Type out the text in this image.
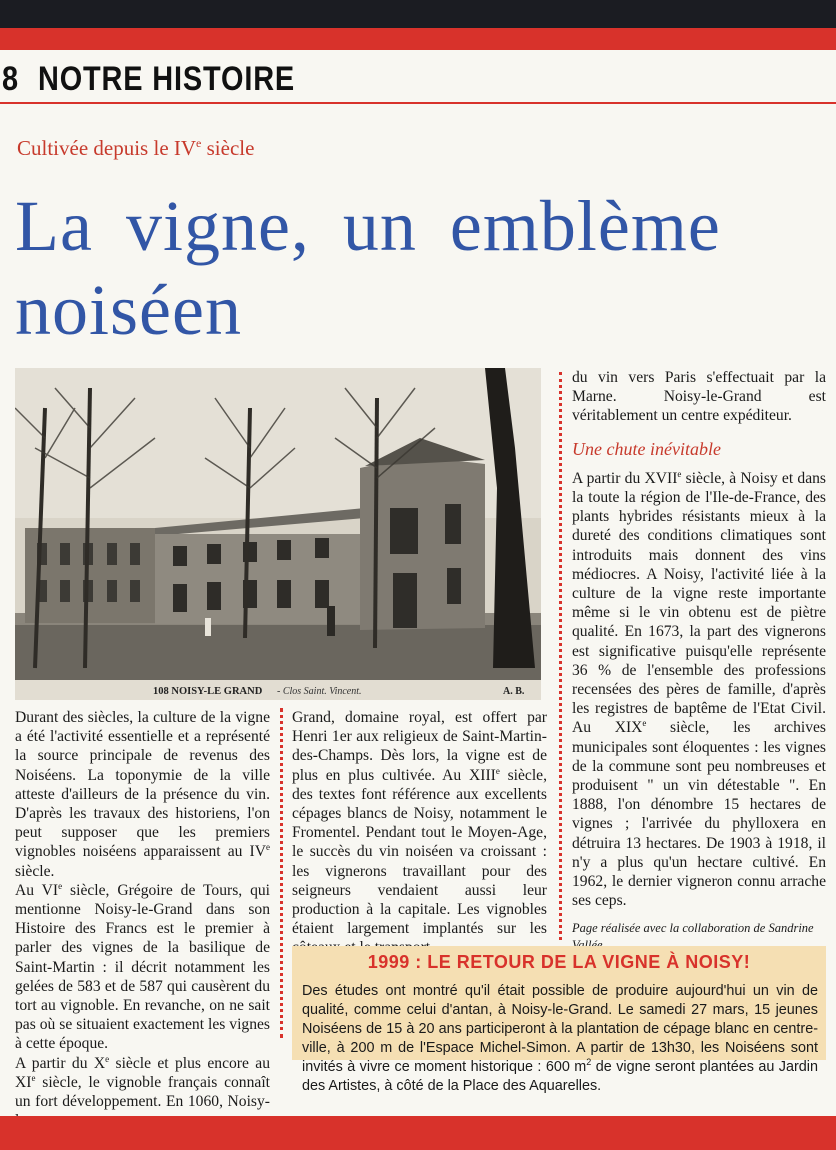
8 NOTRE HISTOIRE
Cultivée depuis le IVe siècle
La vigne, un emblème noiséen
108 NOISY-LE GRAND - Clos Saint. Vincent.	A. B.

Durant des siècles, la culture de la vigne a été l'activité essentielle et a représenté la source principale de revenus des Noiséens. La toponymie de la ville atteste d'ailleurs de la présence du vin. D'après les travaux des historiens, l'on peut supposer que les premiers vignobles noiséens apparaissent au IVe siècle.

Au VIe siècle, Grégoire de Tours, qui mentionne Noisy-le-Grand dans son Histoire des Francs est le premier à parler des vignes de la basilique de Saint-Martin : il décrit notamment les gelées de 583 et de 587 qui causèrent du tort au vignoble. En revanche, on ne sait pas où se situaient exactement les vignes à cette époque.

A partir du Xe siècle et plus encore au XIe siècle, le vignoble français connaît un fort développement. En 1060, Noisy-

Grand, domaine royal, est offert par Henri 1er aux religieux de Saint-Martin-des-Champs. Dès lors, la vigne est de plus en plus cultivée. Au XIIIe siècle, des textes font référence aux excellents cépages blancs de Noisy, notamment le Fromentel. Pendant tout le Moyen-Age, le succès du vin noiséen va croissant : les vignerons travaillant pour des seigneurs vendaient aussi leur production à la capitale. Les vignobles étaient largement implantés sur les

du vin vers Paris s'effectuait par la Marne. Noisy-le-Grand est véritablement un centre expéditeur.

Une chute inévitable

A partir du XVIIe siècle, à Noisy et dans la toute la région de l'Ile-de-France, des plants hybrides résistants mieux à la dureté des conditions climatiques sont introduits mais donnent des vins médiocres. A Noisy, l'activité liée à la culture de la vigne reste importante même si le vin obtenu est de piètre qualité. En 1673, la part des vignerons est significative puisqu'elle représente 36 % de l'ensemble des professions recensées des pères de famille, d'après les registres de baptême de l'Etat Civil. Au XIXe siècle, les archives municipales sont éloquentes : les vignes de la commune sont peu nombreuses et produisent " un vin détestable ". En 1888, l'on dénombre 15 hectares de vignes ; l'arrivée du phylloxera en détruira 13 hectares. De 1903 à 1918, il n'y a plus qu'un hectare cultivé. En 1962, le dernier vigneron connu arrache ses ceps.

Page réalisée avec la collaboration de Sandrine

1999 : LE RETOUR DE LA VIGNE À NOISY!
Des études ont montré qu'il était possible de produire aujourd'hui un vin de qualité, comme celui d'antan, à Noisy-le-Grand. Le samedi 27 mars, 15 jeunes Noiséens de 15 à 20 ans participeront à la plantation de cépage blanc en centre-ville, à 200 m de l'Espace Michel-Simon. A partir de 13h30, les Noiséens sont invités à vivre ce moment historique : 600 $m^2$ de vigne seront plantées au Jardin des Artistes, à côté de la Place des Aquarelles.
